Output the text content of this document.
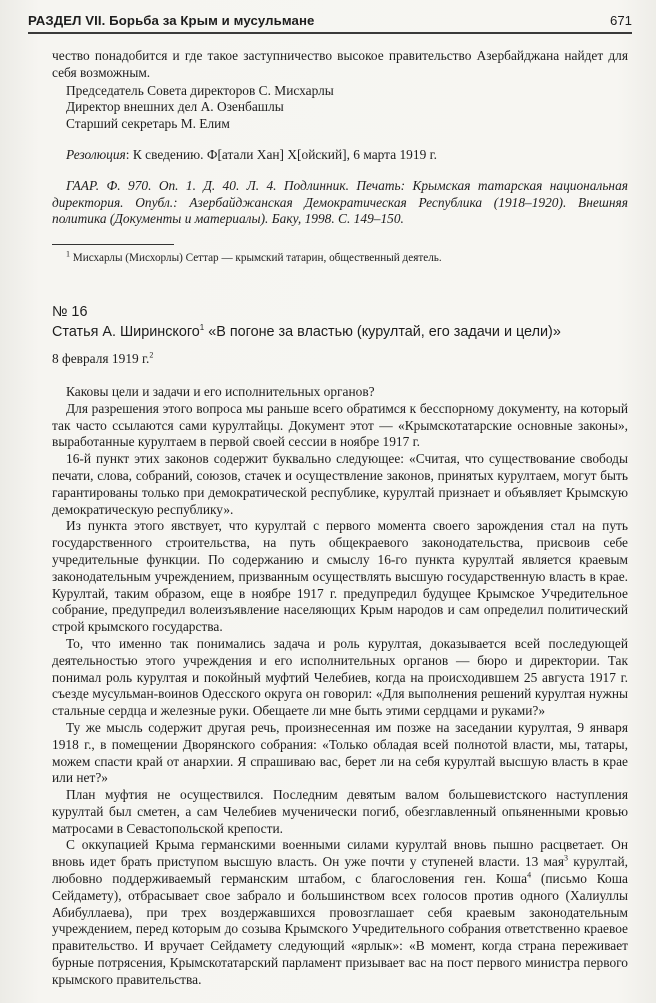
РАЗДЕЛ VII. Борьба за Крым и мусульмане	671

чество понадобится и где такое заступничество высокое правительство Азербайджана найдет для себя возможным.

Председатель Совета директоров С. Мисхарлы

Директор внешних дел А. Озенбашлы

Старший секретарь М. Елим

Резолюция: К сведению. Ф[атали Хан] Х[ойский], 6 марта 1919 г.

ГААР. Ф. 970. Оп. 1. Д. 40. Л. 4. Подлинник. Печать: Крымская татарская национальная директория. Опубл.: Азербайджанская Демократическая Республика (1918–1920). Внешняя политика (Документы и материалы). Баку, 1998. С. 149–150.

$^1$ Мисхарлы (Мисхорлы) Сеттар — крымский татарин, общественный деятель.

№ 16

Статья А. Ширинского$^1$ «В погоне за властью (курултай, его задачи и цели)»

8 февраля 1919 г.$^2$

Каковы цели и задачи и его исполнительных органов?

Для разрешения этого вопроса мы раньше всего обратимся к бесспорному документу, на который так часто ссылаются сами курултайцы. Документ этот — «Крымскотатарские основные законы», выработанные курултаем в первой своей сессии в ноябре 1917 г.

16-й пункт этих законов содержит буквально следующее: «Считая, что существование свободы печати, слова, собраний, союзов, стачек и осуществление законов, принятых курултаем, могут быть гарантированы только при демократической республике, курултай признает и объявляет Крымскую демократическую республику».

Из пункта этого явствует, что курултай с первого момента своего зарождения стал на путь государственного строительства, на путь общекраевого законодательства, присвоив себе учредительные функции. По содержанию и смыслу 16-го пункта курултай является краевым законодательным учреждением, призванным осуществлять высшую государственную власть в крае. Курултай, таким образом, еще в ноябре 1917 г. предупредил будущее Крымское Учредительное собрание, предупредил волеизъявление населяющих Крым народов и сам определил политический строй крымского государства.

То, что именно так понимались задача и роль курултая, доказывается всей последующей деятельностью этого учреждения и его исполнительных органов — бюро и директории. Так понимал роль курултая и покойный муфтий Челебиев, когда на происходившем 25 августа 1917 г. съезде мусульман-воинов Одесского округа он говорил: «Для выполнения решений курултая нужны стальные сердца и железные руки. Обещаете ли мне быть этими сердцами и руками?»

Ту же мысль содержит другая речь, произнесенная им позже на заседании курултая, 9 января 1918 г., в помещении Дворянского собрания: «Только обладая всей полнотой власти, мы, татары, можем спасти край от анархии. Я спрашиваю вас, берет ли на себя курултай высшую власть в крае или нет?»

План муфтия не осуществился. Последним девятым валом большевистского наступления курултай был сметен, а сам Челебиев мученически погиб, обезглавленный опьяненными кровью матросами в Севастопольской крепости.

С оккупацией Крыма германскими военными силами курултай вновь пышно расцветает. Он вновь идет брать приступом высшую власть. Он уже почти у ступеней власти. 13 мая$^3$ курултай, любовно поддерживаемый германским штабом, с благословения ген. Коша$^4$ (письмо Коша Сейдамету), отбрасывает свое забрало и большинством всех голосов против одного (Халиуллы Абибуллаева), при трех воздержавшихся провозглашает себя краевым законодательным учреждением, перед которым до созыва Крымского Учредительного собрания ответственно краевое правительство. И вручает Сейдамету следующий «ярлык»: «В момент, когда страна переживает бурные потрясения, Крымскотатарский парламент призывает вас на пост первого министра первого крымского правительства.
